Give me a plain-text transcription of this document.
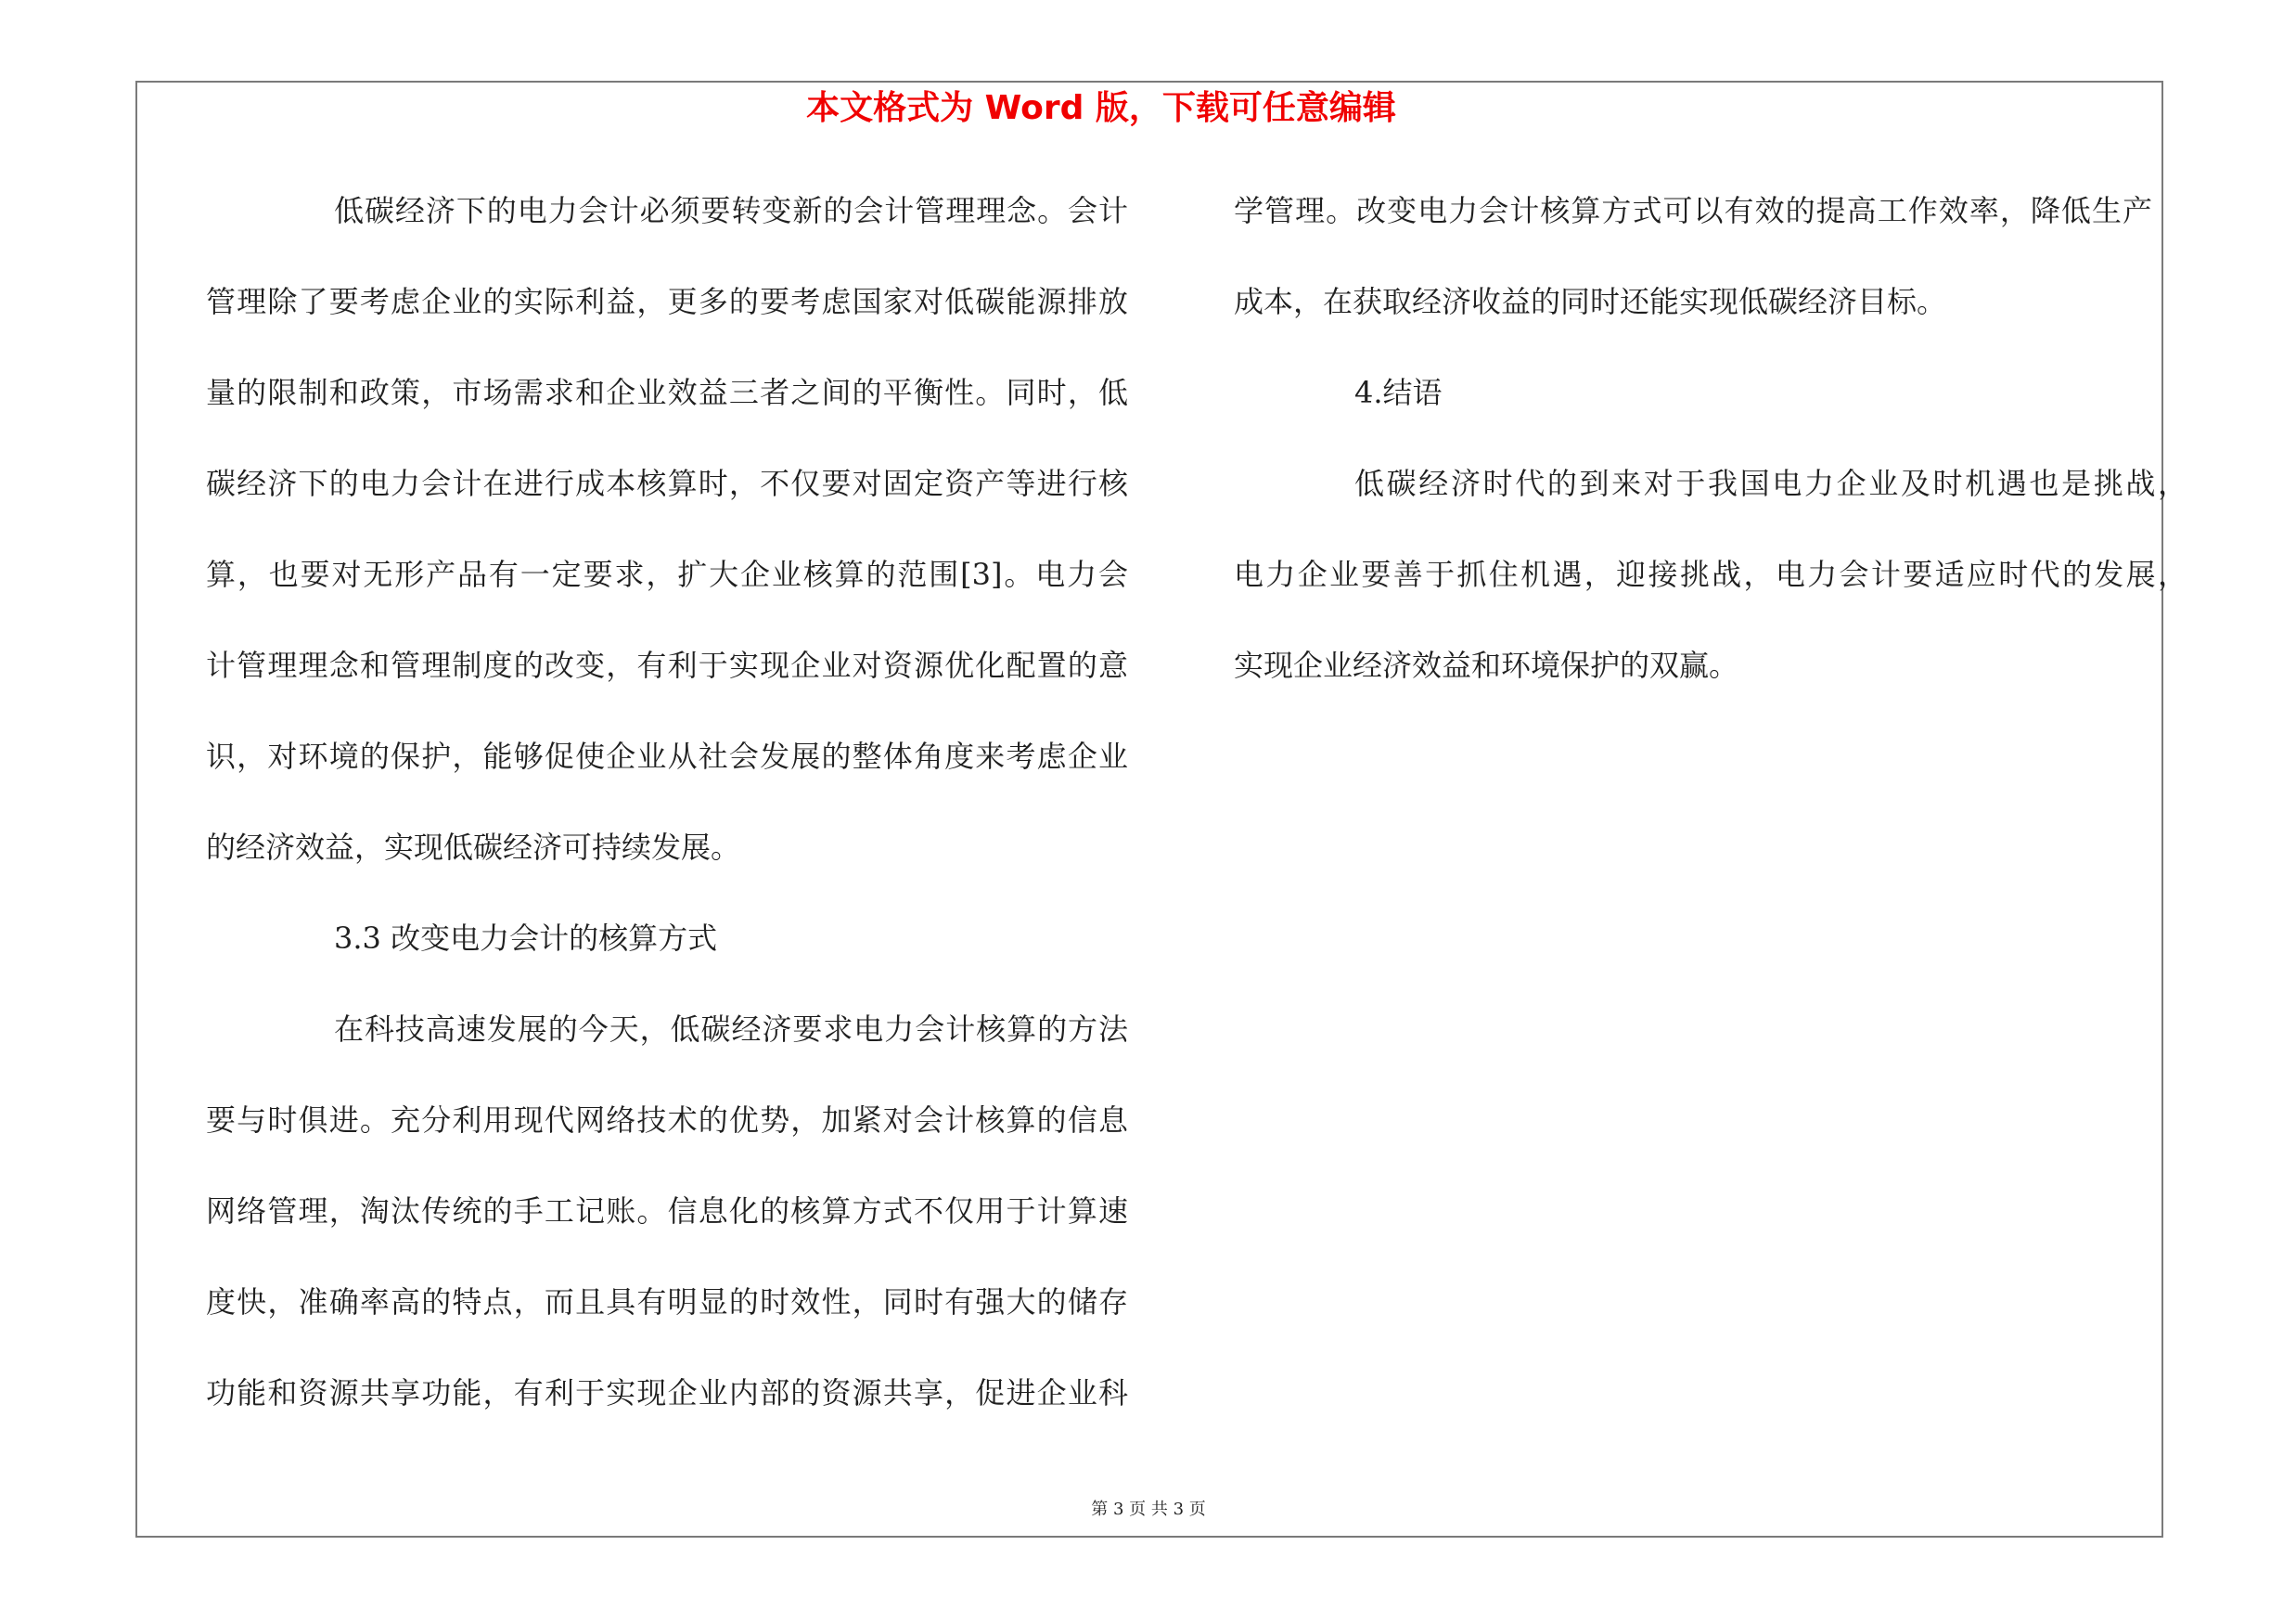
本文格式为 Word 版，下载可任意编辑
低碳经济下的电力会计必须要转变新的会计管理理念。会计
管理除了要考虑企业的实际利益，更多的要考虑国家对低碳能源排放
量的限制和政策，市场需求和企业效益三者之间的平衡性。同时，低
碳经济下的电力会计在进行成本核算时，不仅要对固定资产等进行核
算，也要对无形产品有一定要求，扩大企业核算的范围[3]。电力会
计管理理念和管理制度的改变，有利于实现企业对资源优化配置的意
识，对环境的保护，能够促使企业从社会发展的整体角度来考虑企业
的经济效益，实现低碳经济可持续发展。
3.3 改变电力会计的核算方式
在科技高速发展的今天，低碳经济要求电力会计核算的方法
要与时俱进。充分利用现代网络技术的优势，加紧对会计核算的信息
网络管理，淘汰传统的手工记账。信息化的核算方式不仅用于计算速
度快，准确率高的特点，而且具有明显的时效性，同时有强大的储存
功能和资源共享功能，有利于实现企业内部的资源共享，促进企业科
学管理。改变电力会计核算方式可以有效的提高工作效率，降低生产
成本，在获取经济收益的同时还能实现低碳经济目标。
4.结语
低碳经济时代的到来对于我国电力企业及时机遇也是挑战，
电力企业要善于抓住机遇，迎接挑战，电力会计要适应时代的发展，
实现企业经济效益和环境保护的双赢。
第 3 页 共 3 页
